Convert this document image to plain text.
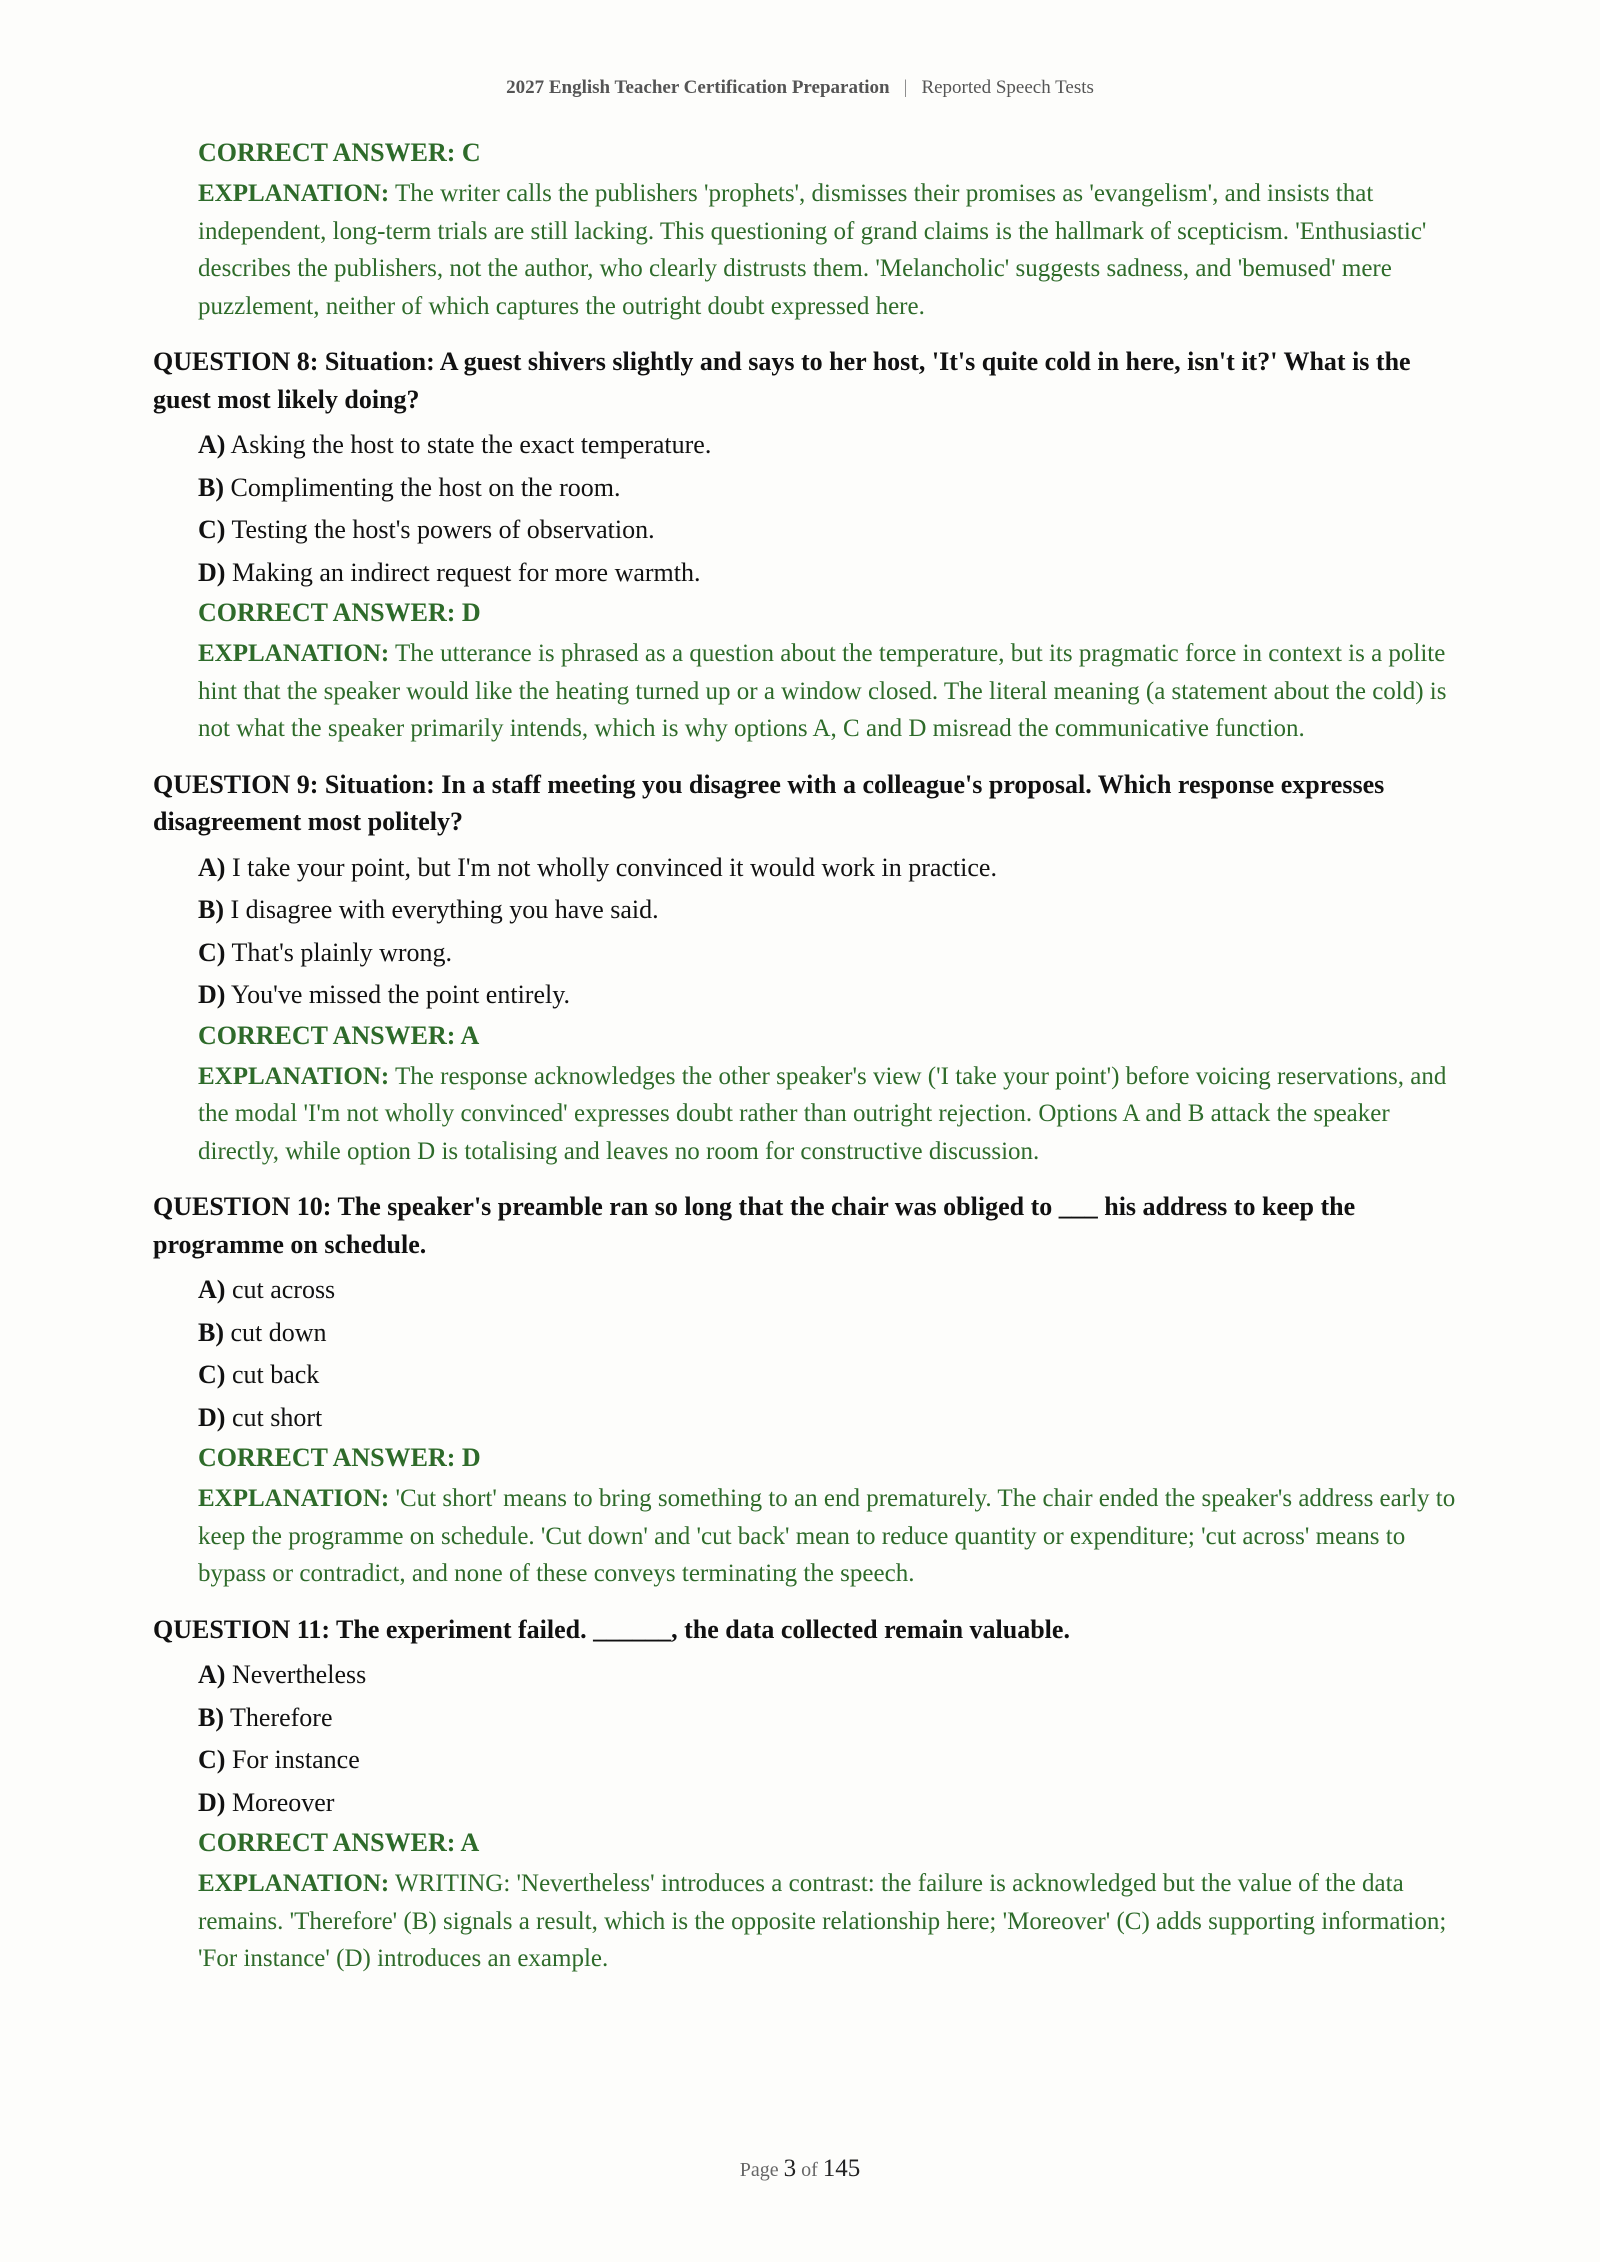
2027 English Teacher Certification Preparation | Reported Speech Tests

CORRECT ANSWER: C

EXPLANATION: The writer calls the publishers 'prophets', dismisses their promises as 'evangelism', and insists that independent, long-term trials are still lacking. This questioning of grand claims is the hallmark of scepticism. 'Enthusiastic' describes the publishers, not the author, who clearly distrusts them. 'Melancholic' suggests sadness, and 'bemused' mere puzzlement, neither of which captures the outright doubt expressed here.

QUESTION 8: Situation: A guest shivers slightly and says to her host, 'It's quite cold in here, isn't it?' What is the guest most likely doing?

A) Asking the host to state the exact temperature.
B) Complimenting the host on the room.
C) Testing the host's powers of observation.
D) Making an indirect request for more warmth.

CORRECT ANSWER: D

EXPLANATION: The utterance is phrased as a question about the temperature, but its pragmatic force in context is a polite hint that the speaker would like the heating turned up or a window closed. The literal meaning (a statement about the cold) is not what the speaker primarily intends, which is why options A, C and D misread the communicative function.

QUESTION 9: Situation: In a staff meeting you disagree with a colleague's proposal. Which response expresses disagreement most politely?

A) I take your point, but I'm not wholly convinced it would work in practice.
B) I disagree with everything you have said.
C) That's plainly wrong.
D) You've missed the point entirely.

CORRECT ANSWER: A

EXPLANATION: The response acknowledges the other speaker's view ('I take your point') before voicing reservations, and the modal 'I'm not wholly convinced' expresses doubt rather than outright rejection. Options A and B attack the speaker directly, while option D is totalising and leaves no room for constructive discussion.

QUESTION 10: The speaker's preamble ran so long that the chair was obliged to ___ his address to keep the programme on schedule.

A) cut across
B) cut down
C) cut back
D) cut short

CORRECT ANSWER: D

EXPLANATION: 'Cut short' means to bring something to an end prematurely. The chair ended the speaker's address early to keep the programme on schedule. 'Cut down' and 'cut back' mean to reduce quantity or expenditure; 'cut across' means to bypass or contradict, and none of these conveys terminating the speech.

QUESTION 11: The experiment failed. ______, the data collected remain valuable.

A) Nevertheless
B) Therefore
C) For instance
D) Moreover

CORRECT ANSWER: A

EXPLANATION: WRITING: 'Nevertheless' introduces a contrast: the failure is acknowledged but the value of the data remains. 'Therefore' (B) signals a result, which is the opposite relationship here; 'Moreover' (C) adds supporting information; 'For instance' (D) introduces an example.

Page 3 of 145
